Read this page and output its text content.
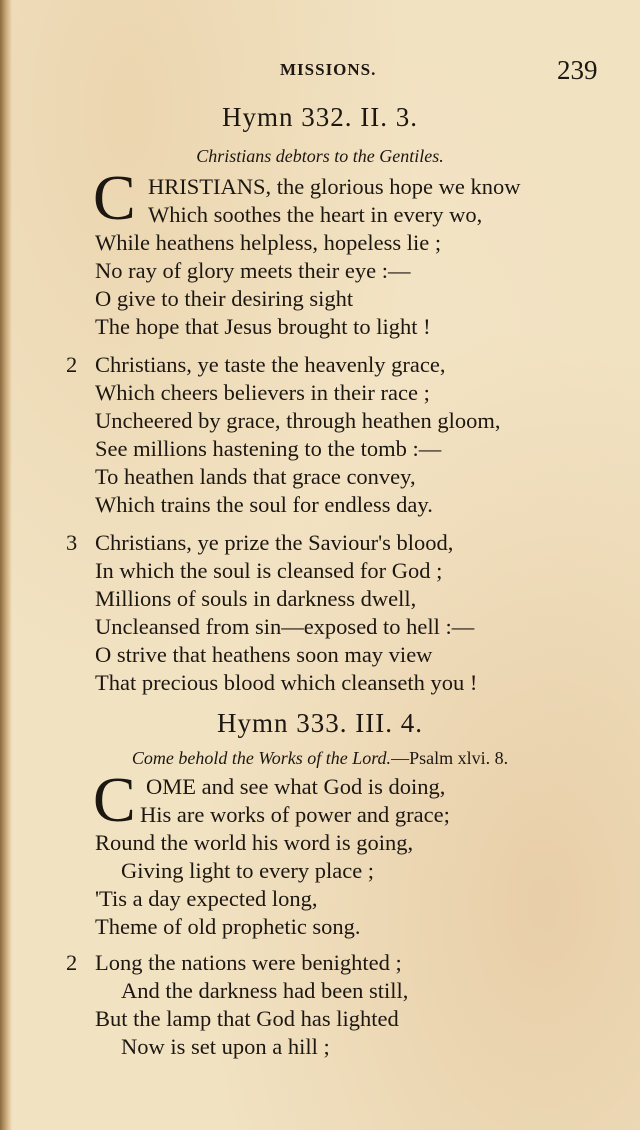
MISSIONS.	239
Hymn 332. II. 3.
Christians debtors to the Gentiles.
C HRISTIANS, the glorious hope we know
Which soothes the heart in every wo,
While heathens helpless, hopeless lie ;
No ray of glory meets their eye :—
O give to their desiring sight
The hope that Jesus brought to light !
2 Christians, ye taste the heavenly grace,
Which cheers believers in their race ;
Uncheered by grace, through heathen gloom,
See millions hastening to the tomb :—
To heathen lands that grace convey,
Which trains the soul for endless day.
3 Christians, ye prize the Saviour's blood,
In which the soul is cleansed for God ;
Millions of souls in darkness dwell,
Uncleansed from sin—exposed to hell :—
O strive that heathens soon may view
That precious blood which cleanseth you !
Hymn 333. III. 4.
Come behold the Works of the Lord.—Psalm xlvi. 8.
C OME and see what God is doing,
His are works of power and grace;
Round the world his word is going,
Giving light to every place ;
'Tis a day expected long,
Theme of old prophetic song.
2 Long the nations were benighted ;
And the darkness had been still,
But the lamp that God has lighted
Now is set upon a hill ;
